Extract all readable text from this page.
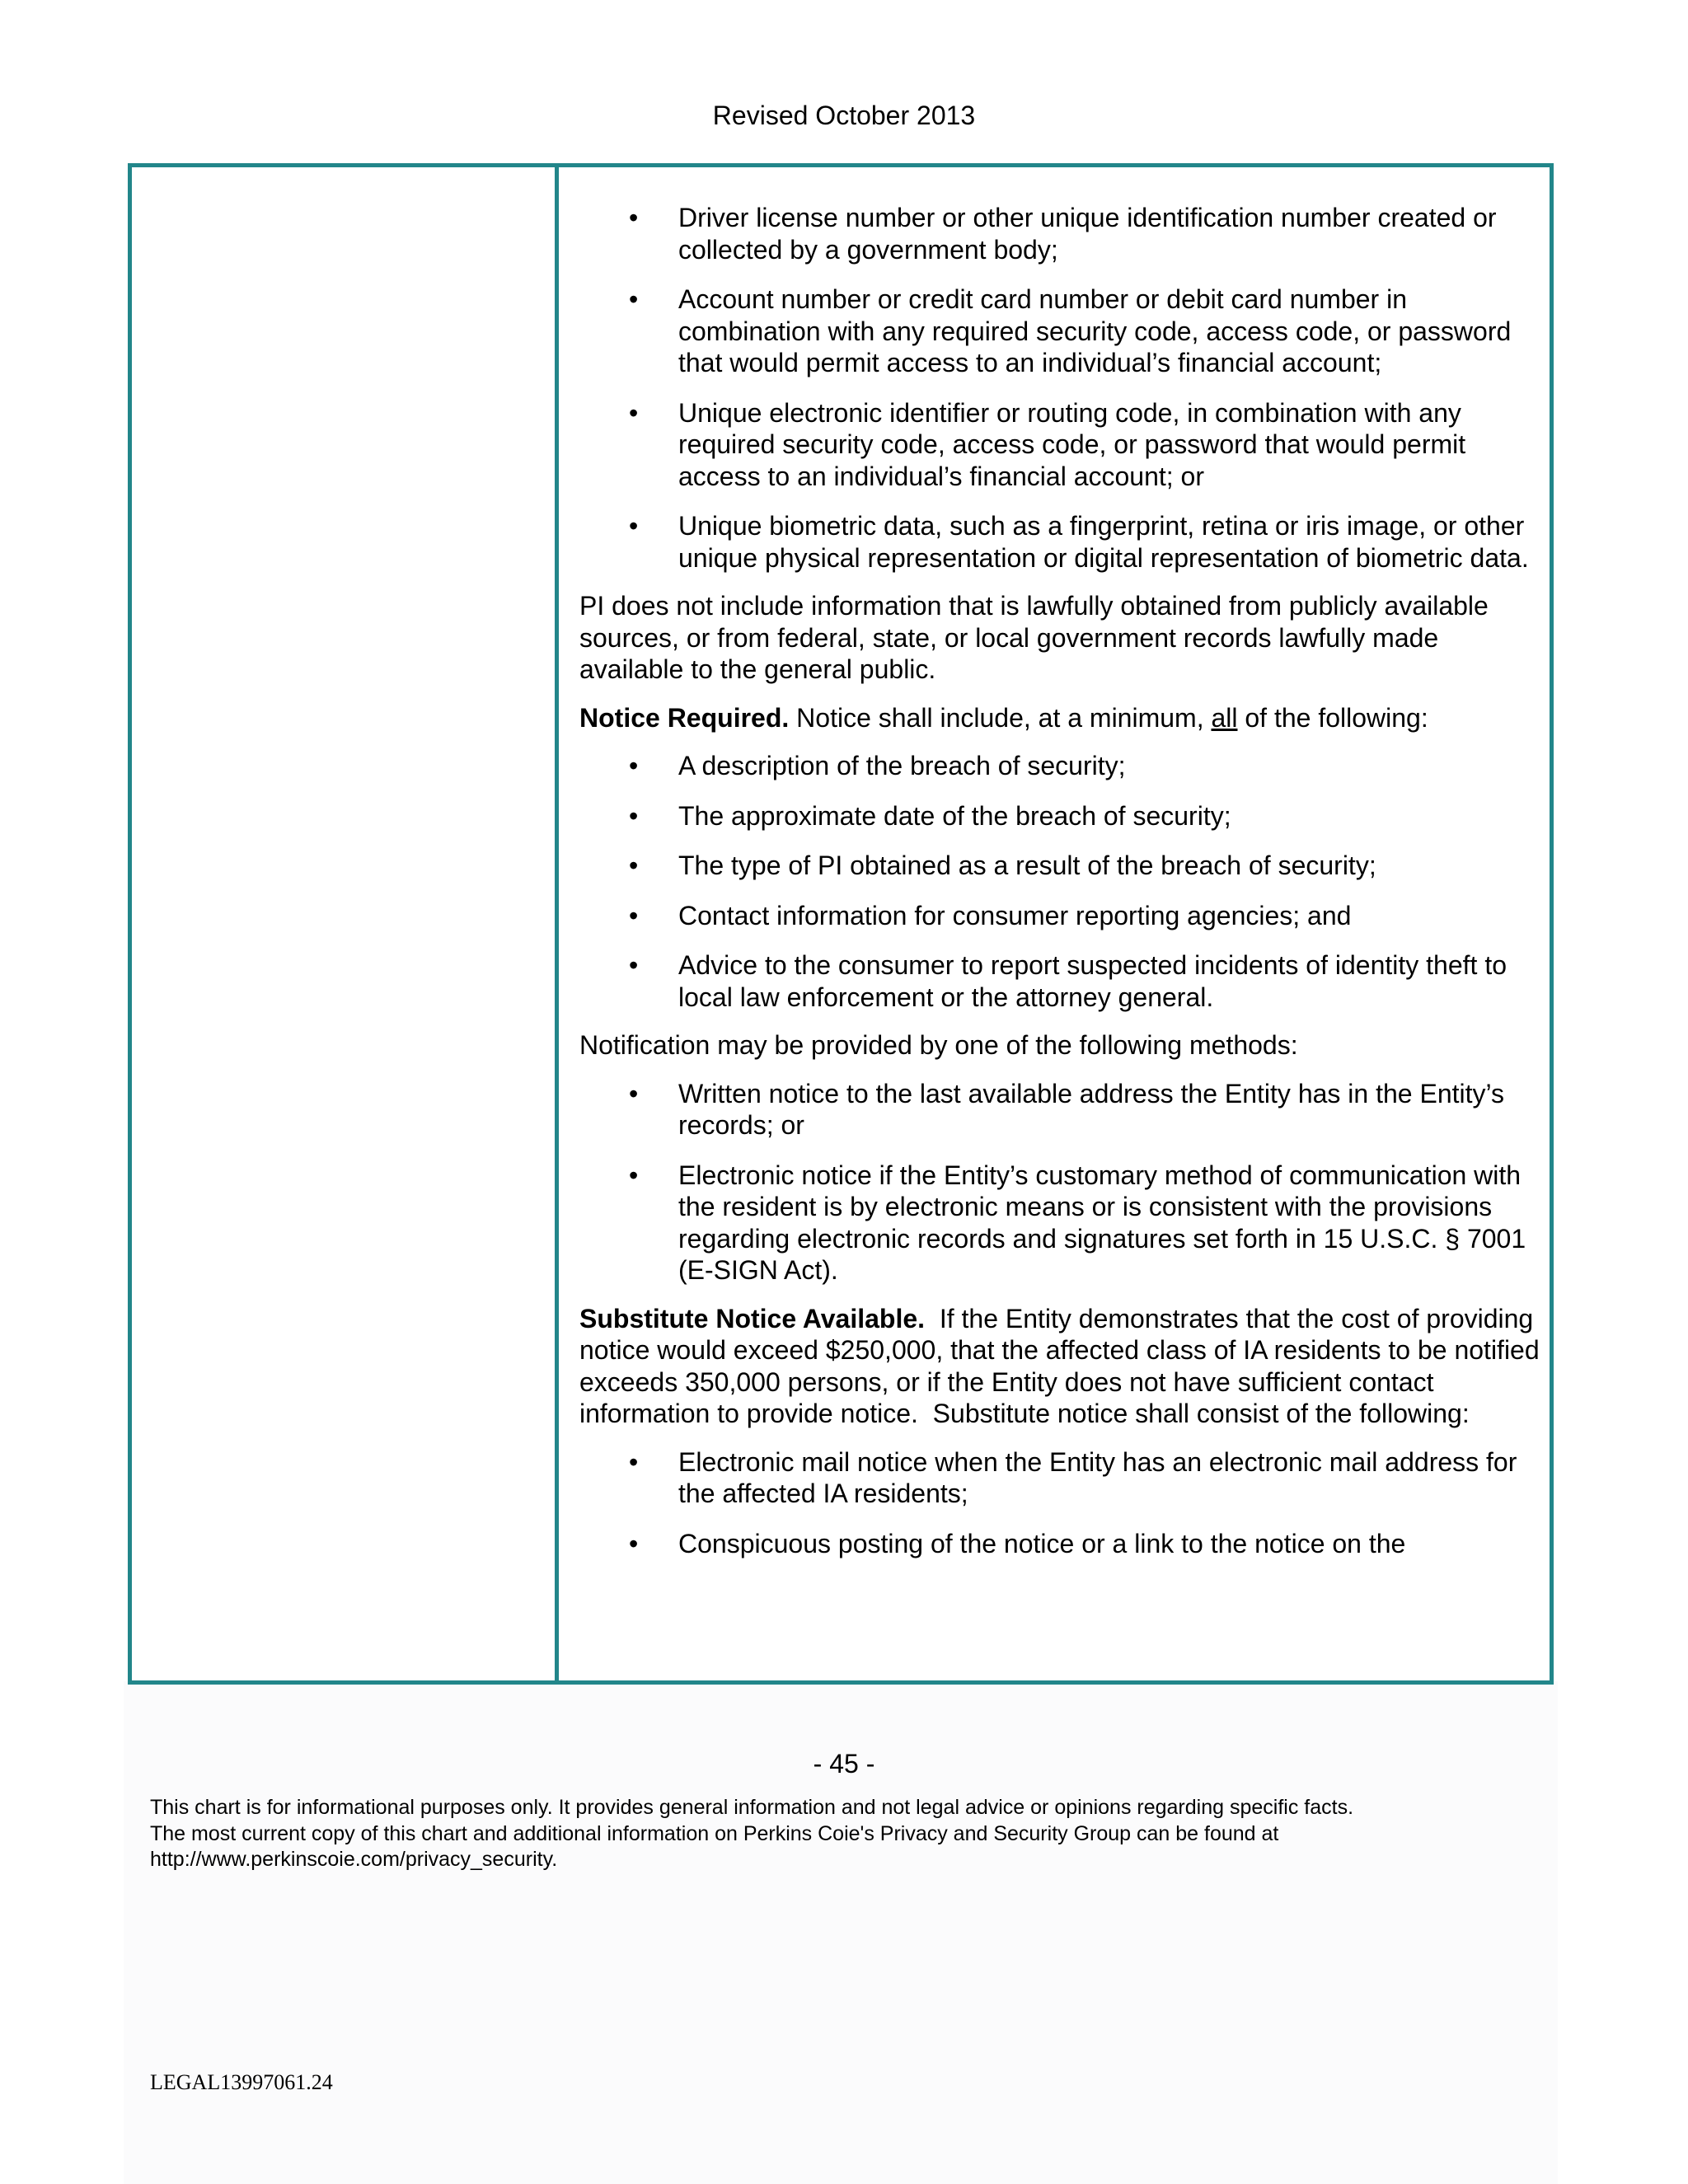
Revised October 2013
• Driver license number or other unique identification number created or collected by a government body;
• Account number or credit card number or debit card number in combination with any required security code, access code, or password that would permit access to an individual’s financial account;
• Unique electronic identifier or routing code, in combination with any required security code, access code, or password that would permit access to an individual’s financial account; or
• Unique biometric data, such as a fingerprint, retina or iris image, or other unique physical representation or digital representation of biometric data.

PI does not include information that is lawfully obtained from publicly available sources, or from federal, state, or local government records lawfully made available to the general public.

Notice Required. Notice shall include, at a minimum, all of the following:

• A description of the breach of security;
• The approximate date of the breach of security;
• The type of PI obtained as a result of the breach of security;
• Contact information for consumer reporting agencies; and
• Advice to the consumer to report suspected incidents of identity theft to local law enforcement or the attorney general.

Notification may be provided by one of the following methods:

• Written notice to the last available address the Entity has in the Entity’s records; or
• Electronic notice if the Entity’s customary method of communication with the resident is by electronic means or is consistent with the provisions regarding electronic records and signatures set forth in 15 U.S.C. § 7001 (E-SIGN Act).

Substitute Notice Available.  If the Entity demonstrates that the cost of providing notice would exceed $250,000, that the affected class of IA residents to be notified exceeds 350,000 persons, or if the Entity does not have sufficient contact information to provide notice.  Substitute notice shall consist of the following:

• Electronic mail notice when the Entity has an electronic mail address for the affected IA residents;
• Conspicuous posting of the notice or a link to the notice on the
- 45 -
This chart is for informational purposes only. It provides general information and not legal advice or opinions regarding specific facts.
The most current copy of this chart and additional information on Perkins Coie's Privacy and Security Group can be found at
http://www.perkinscoie.com/privacy_security.
LEGAL13997061.24
